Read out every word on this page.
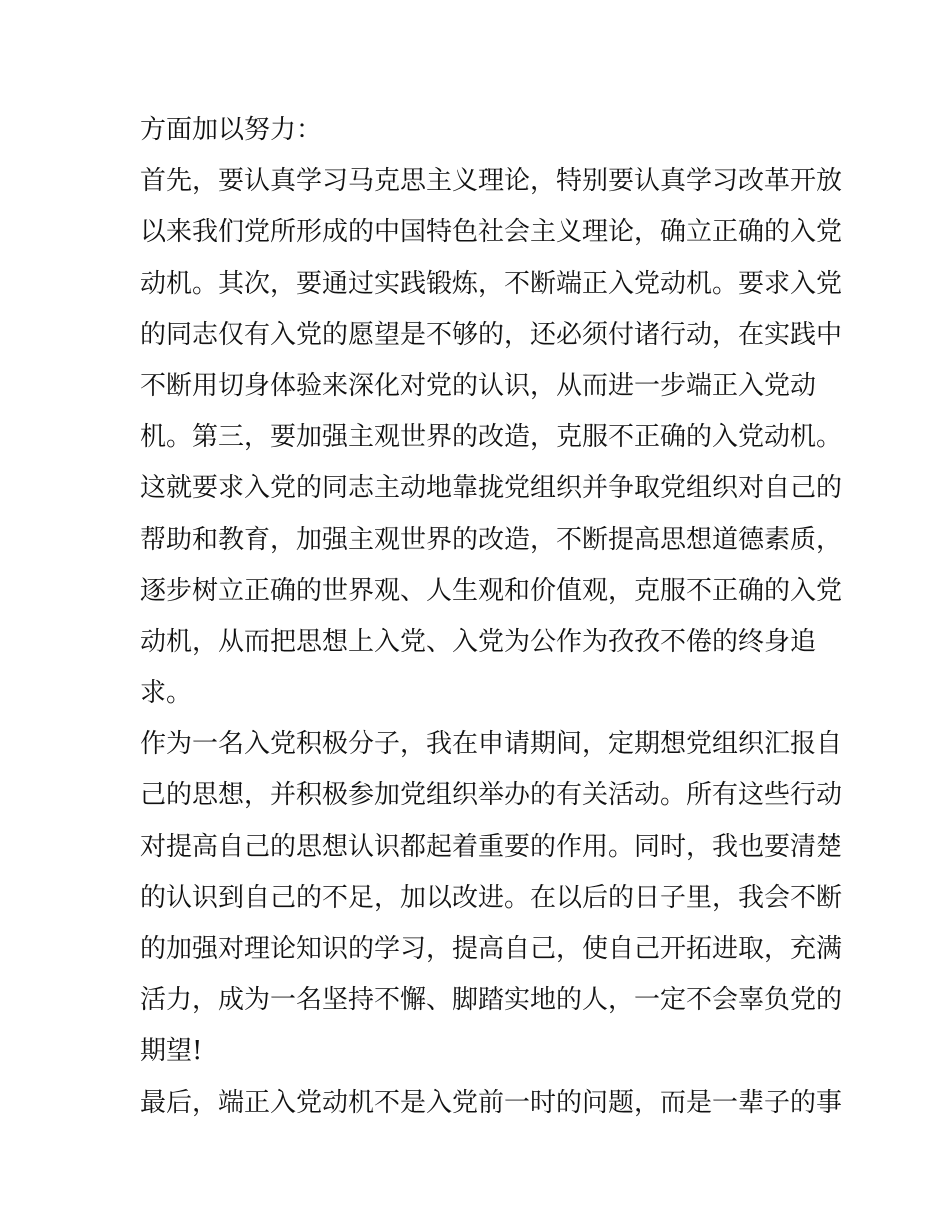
方面加以努力：
首先，要认真学习马克思主义理论，特别要认真学习改革开放
以来我们党所形成的中国特色社会主义理论，确立正确的入党
动机。其次，要通过实践锻炼，不断端正入党动机。要求入党
的同志仅有入党的愿望是不够的，还必须付诸行动，在实践中
不断用切身体验来深化对党的认识，从而进一步端正入党动
机。第三，要加强主观世界的改造，克服不正确的入党动机。
这就要求入党的同志主动地靠拢党组织并争取党组织对自己的
帮助和教育，加强主观世界的改造，不断提高思想道德素质，
逐步树立正确的世界观、人生观和价值观，克服不正确的入党
动机，从而把思想上入党、入党为公作为孜孜不倦的终身追
求。
作为一名入党积极分子，我在申请期间，定期想党组织汇报自
己的思想，并积极参加党组织举办的有关活动。所有这些行动
对提高自己的思想认识都起着重要的作用。同时，我也要清楚
的认识到自己的不足，加以改进。在以后的日子里，我会不断
的加强对理论知识的学习，提高自己，使自己开拓进取，充满
活力，成为一名坚持不懈、脚踏实地的人，一定不会辜负党的
期望!
最后，端正入党动机不是入党前一时的问题，而是一辈子的事
